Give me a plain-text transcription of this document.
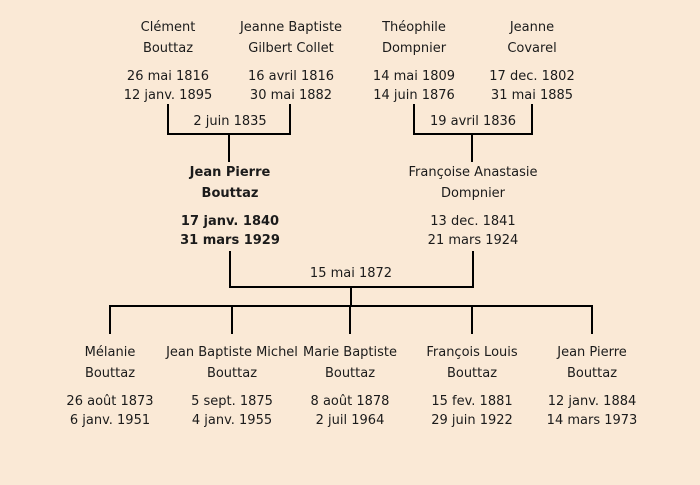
Clément
Bouttaz
26 mai 1816
12 janv. 1895
Jeanne Baptiste
Gilbert Collet
16 avril 1816
30 mai 1882
Théophile
Dompnier
14 mai 1809
14 juin 1876
Jeanne
Covarel
17 dec. 1802
31 mai 1885
2 juin 1835	19 avril 1836
Jean Pierre
Bouttaz
17 janv. 1840
31 mars 1929
Françoise Anastasie
Dompnier
13 dec. 1841
21 mars 1924
15 mai 1872
Mélanie
Bouttaz
26 août 1873
6 janv. 1951
Jean Baptiste Michel
Bouttaz
5 sept. 1875
4 janv. 1955
Marie Baptiste
Bouttaz
8 août 1878
2 juil 1964
François Louis
Bouttaz
15 fev. 1881
29 juin 1922
Jean Pierre
Bouttaz
12 janv. 1884
14 mars 1973
